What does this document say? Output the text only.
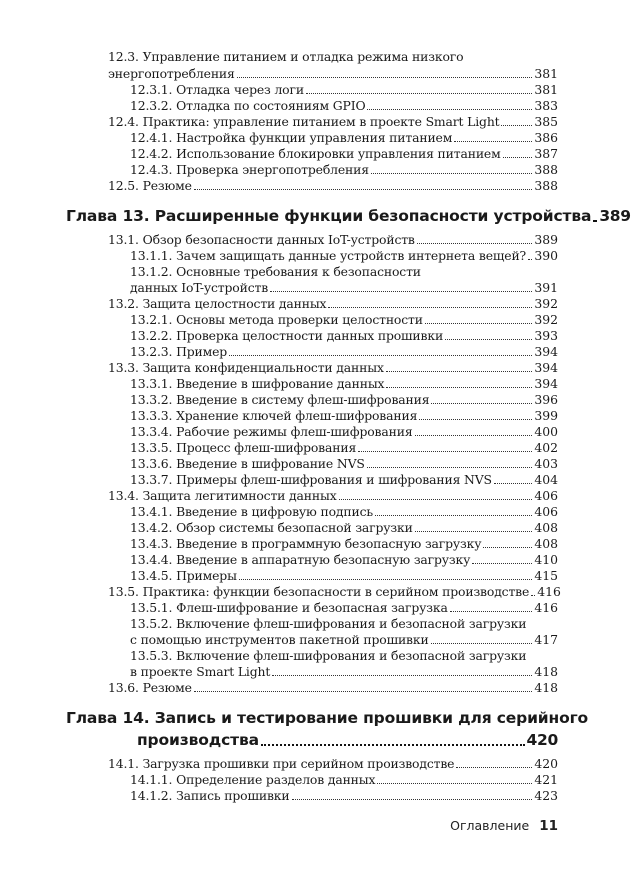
12.3. Управление питанием и отладка режима низкого
энергопотребления	381
12.3.1. Отладка через логи	381
12.3.2. Отладка по состояниям GPIO	383
12.4. Практика: управление питанием в проекте Smart Light	385
12.4.1. Настройка функции управления питанием	386
12.4.2. Использование блокировки управления питанием	387
12.4.3. Проверка энергопотребления	388
12.5. Резюме	388
Глава 13. Расширенные функции безопасности устройства 389
13.1. Обзор безопасности данных IoT-устройств	389
13.1.1. Зачем защищать данные устройств интернета вещей? 390
13.1.2. Основные требования к безопасности
данных IoT-устройств	391
13.2. Защита целостности данных	392
13.2.1. Основы метода проверки целостности	392
13.2.2. Проверка целостности данных прошивки	393
13.2.3. Пример	394
13.3. Защита конфиденциальности данных	394
13.3.1. Введение в шифрование данных	394
13.3.2. Введение в систему флеш-шифрования	396
13.3.3. Хранение ключей флеш-шифрования	399
13.3.4. Рабочие режимы флеш-шифрования	400
13.3.5. Процесс флеш-шифрования	402
13.3.6. Введение в шифрование NVS	403
13.3.7. Примеры флеш-шифрования и шифрования NVS	404
13.4. Защита легитимности данных	406
13.4.1. Введение в цифровую подпись	406
13.4.2. Обзор системы безопасной загрузки	408
13.4.3. Введение в программную безопасную загрузку	408
13.4.4. Введение в аппаратную безопасную загрузку	410
13.4.5. Примеры	415
13.5. Практика: функции безопасности в серийном производстве 416
13.5.1. Флеш-шифрование и безопасная загрузка	416
13.5.2. Включение флеш-шифрования и безопасной загрузки
с помощью инструментов пакетной прошивки	417
13.5.3. Включение флеш-шифрования и безопасной загрузки
в проекте Smart Light	418
13.6. Резюме	418
Глава 14. Запись и тестирование прошивки для серийного
производства	420
14.1. Загрузка прошивки при серийном производстве	420
14.1.1. Определение разделов данных	421
14.1.2. Запись прошивки	423
Оглавление 11
